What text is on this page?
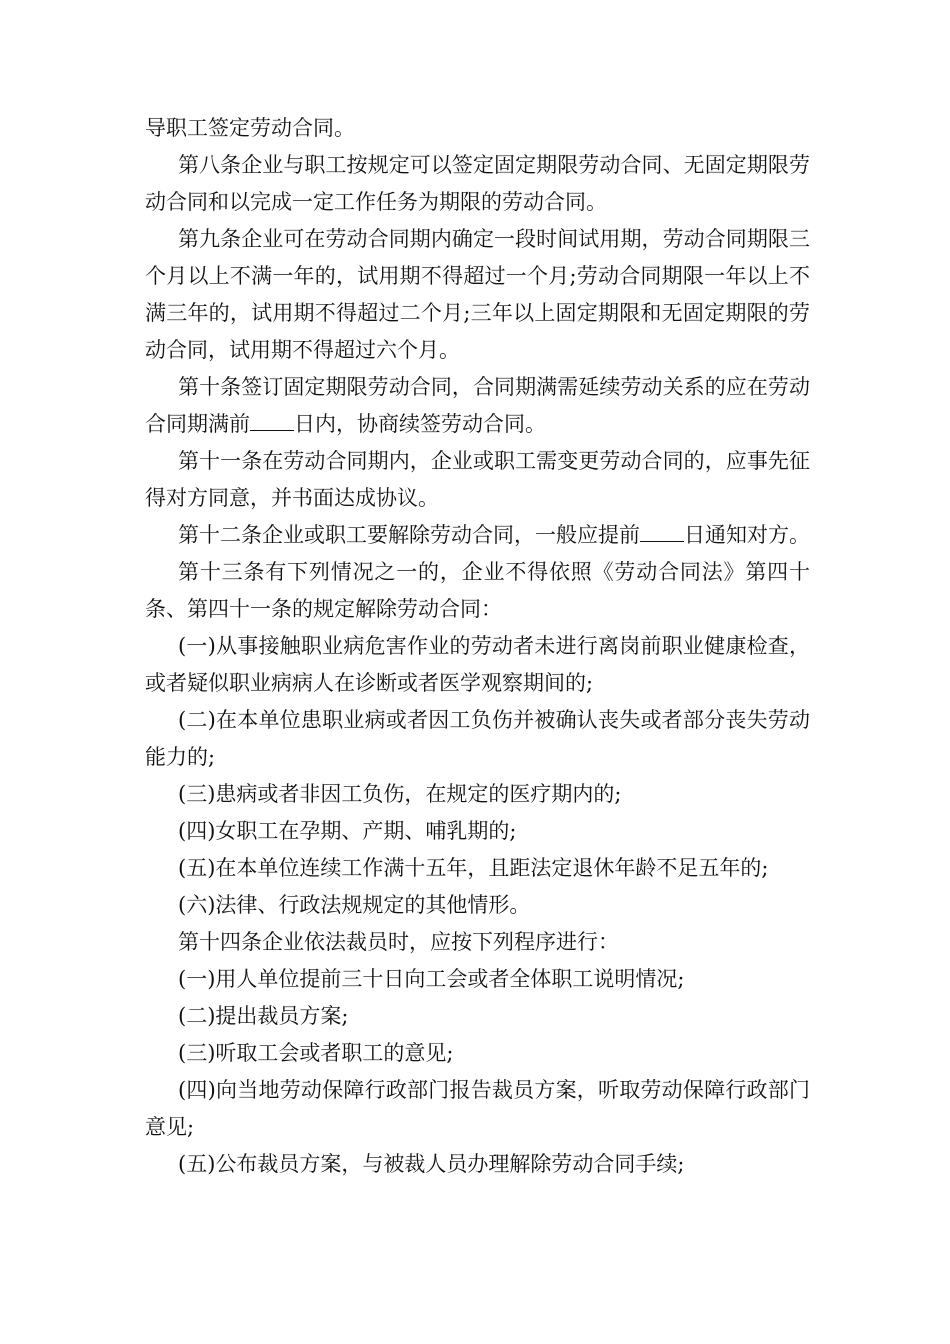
导职工签定劳动合同。

第八条企业与职工按规定可以签定固定期限劳动合同、无固定期限劳动合同和以完成一定工作任务为期限的劳动合同。

第九条企业可在劳动合同期内确定一段时间试用期，劳动合同期限三个月以上不满一年的，试用期不得超过一个月;劳动合同期限一年以上不满三年的，试用期不得超过二个月;三年以上固定期限和无固定期限的劳动合同，试用期不得超过六个月。

第十条签订固定期限劳动合同，合同期满需延续劳动关系的应在劳动合同期满前 日内，协商续签劳动合同。

第十一条在劳动合同期内，企业或职工需变更劳动合同的，应事先征得对方同意，并书面达成协议。

第十二条企业或职工要解除劳动合同，一般应提前 日通知对方。

第十三条有下列情况之一的，企业不得依照《劳动合同法》第四十条、第四十一条的规定解除劳动合同：

(一)从事接触职业病危害作业的劳动者未进行离岗前职业健康检查，或者疑似职业病病人在诊断或者医学观察期间的;

(二)在本单位患职业病或者因工负伤并被确认丧失或者部分丧失劳动能力的;

(三)患病或者非因工负伤，在规定的医疗期内的;

(四)女职工在孕期、产期、哺乳期的;

(五)在本单位连续工作满十五年，且距法定退休年龄不足五年的;

(六)法律、行政法规规定的其他情形。

第十四条企业依法裁员时，应按下列程序进行：

(一)用人单位提前三十日向工会或者全体职工说明情况;

(二)提出裁员方案;

(三)听取工会或者职工的意见;

(四)向当地劳动保障行政部门报告裁员方案，听取劳动保障行政部门意见;

(五)公布裁员方案，与被裁人员办理解除劳动合同手续;
